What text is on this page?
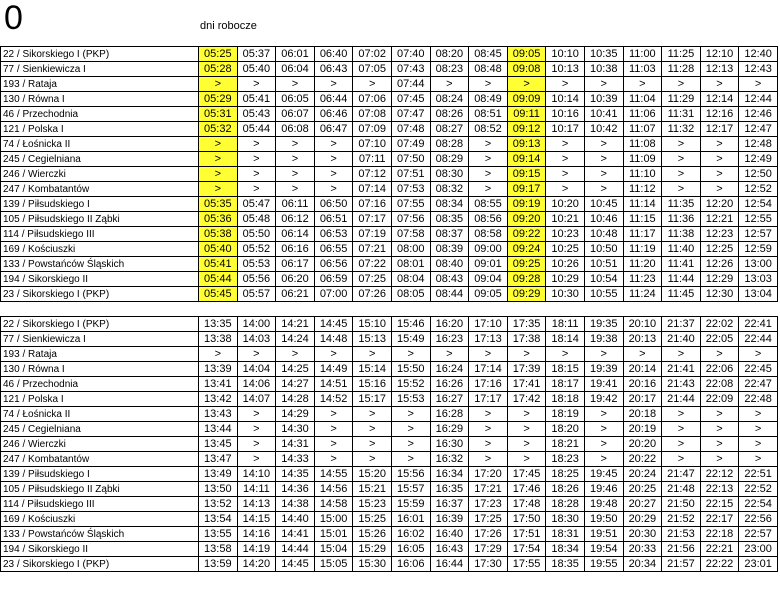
0	dni robocze
22 / Sikorskiego I (PKP)	05:25	05:37	06:01	06:40	07:02	07:40	08:20	08:45	09:05	10:10	10:35	11:00	11:25	12:10	12:40
77 / Sienkiewicza I	05:28	05:40	06:04	06:43	07:05	07:43	08:23	08:48	09:08	10:13	10:38	11:03	11:28	12:13	12:43
193 / Rataja	>	>	>	>	>	07:44	>	>	>	>	>	>	>	>	>
130 / Równa I	05:29	05:41	06:05	06:44	07:06	07:45	08:24	08:49	09:09	10:14	10:39	11:04	11:29	12:14	12:44
46 / Przechodnia	05:31	05:43	06:07	06:46	07:08	07:47	08:26	08:51	09:11	10:16	10:41	11:06	11:31	12:16	12:46
121 / Polska I	05:32	05:44	06:08	06:47	07:09	07:48	08:27	08:52	09:12	10:17	10:42	11:07	11:32	12:17	12:47
74 / Łośnicka II	>	>	>	>	07:10	07:49	08:28	>	09:13	>	>	11:08	>	>	12:48
245 / Cegielniana	>	>	>	>	07:11	07:50	08:29	>	09:14	>	>	11:09	>	>	12:49
246 / Wierczki	>	>	>	>	07:12	07:51	08:30	>	09:15	>	>	11:10	>	>	12:50
247 / Kombatantów	>	>	>	>	07:14	07:53	08:32	>	09:17	>	>	11:12	>	>	12:52
139 / Piłsudskiego I	05:35	05:47	06:11	06:50	07:16	07:55	08:34	08:55	09:19	10:20	10:45	11:14	11:35	12:20	12:54
105 / Piłsudskiego II Ząbki	05:36	05:48	06:12	06:51	07:17	07:56	08:35	08:56	09:20	10:21	10:46	11:15	11:36	12:21	12:55
114 / Piłsudskiego III	05:38	05:50	06:14	06:53	07:19	07:58	08:37	08:58	09:22	10:23	10:48	11:17	11:38	12:23	12:57
169 / Kościuszki	05:40	05:52	06:16	06:55	07:21	08:00	08:39	09:00	09:24	10:25	10:50	11:19	11:40	12:25	12:59
133 / Powstańców Śląskich	05:41	05:53	06:17	06:56	07:22	08:01	08:40	09:01	09:25	10:26	10:51	11:20	11:41	12:26	13:00
194 / Sikorskiego II	05:44	05:56	06:20	06:59	07:25	08:04	08:43	09:04	09:28	10:29	10:54	11:23	11:44	12:29	13:03
23 / Sikorskiego I (PKP)	05:45	05:57	06:21	07:00	07:26	08:05	08:44	09:05	09:29	10:30	10:55	11:24	11:45	12:30	13:04
22 / Sikorskiego I (PKP)	13:35	14:00	14:21	14:45	15:10	15:46	16:20	17:10	17:35	18:11	19:35	20:10	21:37	22:02	22:41
77 / Sienkiewicza I	13:38	14:03	14:24	14:48	15:13	15:49	16:23	17:13	17:38	18:14	19:38	20:13	21:40	22:05	22:44
193 / Rataja	>	>	>	>	>	>	>	>	>	>	>	>	>	>	>
130 / Równa I	13:39	14:04	14:25	14:49	15:14	15:50	16:24	17:14	17:39	18:15	19:39	20:14	21:41	22:06	22:45
46 / Przechodnia	13:41	14:06	14:27	14:51	15:16	15:52	16:26	17:16	17:41	18:17	19:41	20:16	21:43	22:08	22:47
121 / Polska I	13:42	14:07	14:28	14:52	15:17	15:53	16:27	17:17	17:42	18:18	19:42	20:17	21:44	22:09	22:48
74 / Łośnicka II	13:43	>	14:29	>	>	>	16:28	>	>	18:19	>	20:18	>	>	>
245 / Cegielniana	13:44	>	14:30	>	>	>	16:29	>	>	18:20	>	20:19	>	>	>
246 / Wierczki	13:45	>	14:31	>	>	>	16:30	>	>	18:21	>	20:20	>	>	>
247 / Kombatantów	13:47	>	14:33	>	>	>	16:32	>	>	18:23	>	20:22	>	>	>
139 / Piłsudskiego I	13:49	14:10	14:35	14:55	15:20	15:56	16:34	17:20	17:45	18:25	19:45	20:24	21:47	22:12	22:51
105 / Piłsudskiego II Ząbki	13:50	14:11	14:36	14:56	15:21	15:57	16:35	17:21	17:46	18:26	19:46	20:25	21:48	22:13	22:52
114 / Piłsudskiego III	13:52	14:13	14:38	14:58	15:23	15:59	16:37	17:23	17:48	18:28	19:48	20:27	21:50	22:15	22:54
169 / Kościuszki	13:54	14:15	14:40	15:00	15:25	16:01	16:39	17:25	17:50	18:30	19:50	20:29	21:52	22:17	22:56
133 / Powstańców Śląskich	13:55	14:16	14:41	15:01	15:26	16:02	16:40	17:26	17:51	18:31	19:51	20:30	21:53	22:18	22:57
194 / Sikorskiego II	13:58	14:19	14:44	15:04	15:29	16:05	16:43	17:29	17:54	18:34	19:54	20:33	21:56	22:21	23:00
23 / Sikorskiego I (PKP)	13:59	14:20	14:45	15:05	15:30	16:06	16:44	17:30	17:55	18:35	19:55	20:34	21:57	22:22	23:01
